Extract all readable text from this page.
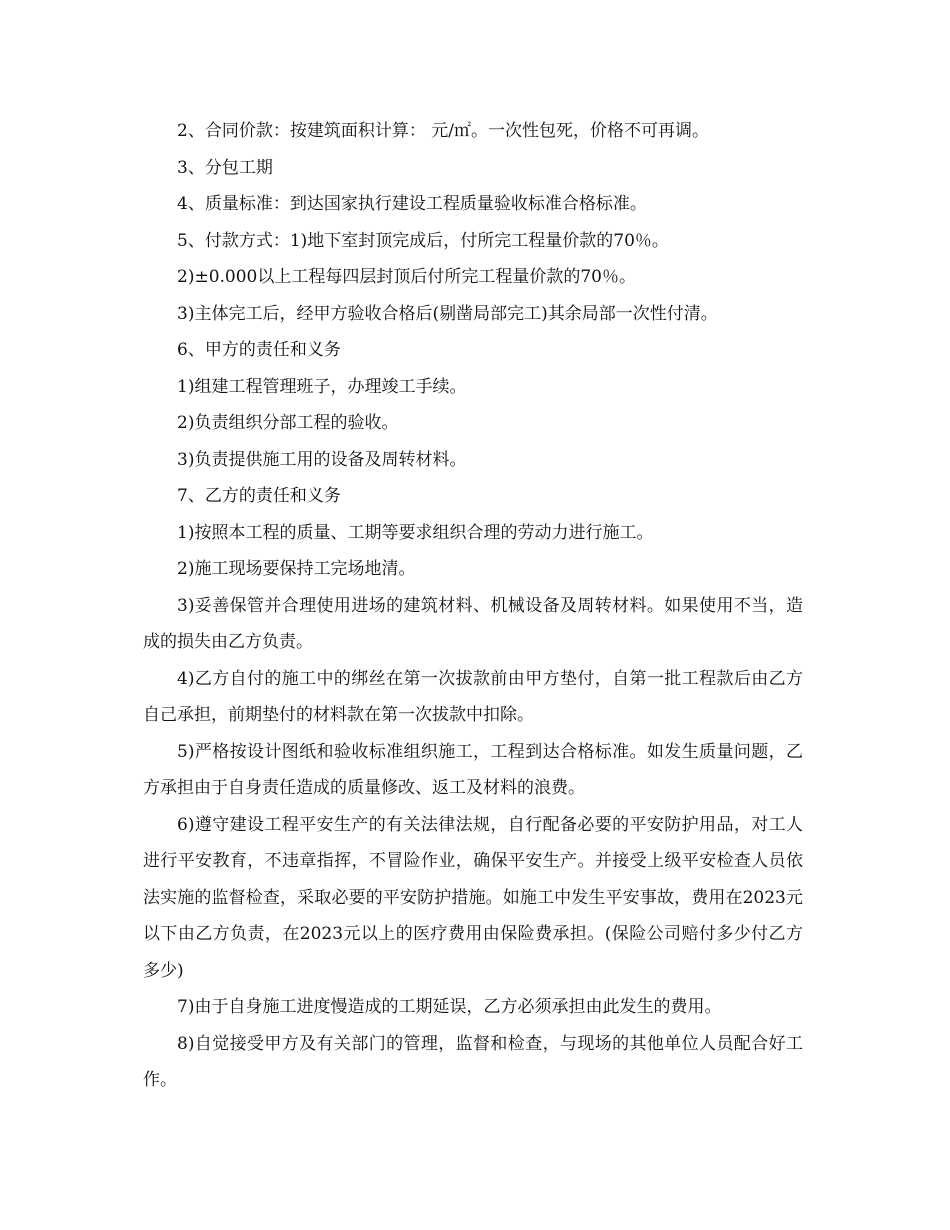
2、合同价款：按建筑面积计算： 元/㎡。一次性包死，价格不可再调。

3、分包工期

4、质量标准：到达国家执行建设工程质量验收标准合格标准。

5、付款方式：1)地下室封顶完成后，付所完工程量价款的70％。

2)±0.000以上工程每四层封顶后付所完工程量价款的70％。

3)主体完工后，经甲方验收合格后(剔凿局部完工)其余局部一次性付清。

6、甲方的责任和义务

1)组建工程管理班子，办理竣工手续。

2)负责组织分部工程的验收。

3)负责提供施工用的设备及周转材料。

7、乙方的责任和义务

1)按照本工程的质量、工期等要求组织合理的劳动力进行施工。

2)施工现场要保持工完场地清。

3)妥善保管并合理使用进场的建筑材料、机械设备及周转材料。如果使用不当，造成的损失由乙方负责。

4)乙方自付的施工中的绑丝在第一次拔款前由甲方垫付，自第一批工程款后由乙方自己承担，前期垫付的材料款在第一次拔款中扣除。

5)严格按设计图纸和验收标准组织施工，工程到达合格标准。如发生质量问题，乙方承担由于自身责任造成的质量修改、返工及材料的浪费。

6)遵守建设工程平安生产的有关法律法规，自行配备必要的平安防护用品，对工人进行平安教育，不违章指挥，不冒险作业，确保平安生产。并接受上级平安检查人员依法实施的监督检查，采取必要的平安防护措施。如施工中发生平安事故，费用在2023元以下由乙方负责，在2023元以上的医疗费用由保险费承担。(保险公司赔付多少付乙方多少)

7)由于自身施工进度慢造成的工期延误，乙方必须承担由此发生的费用。

8)自觉接受甲方及有关部门的管理，监督和检查，与现场的其他单位人员配合好工作。
